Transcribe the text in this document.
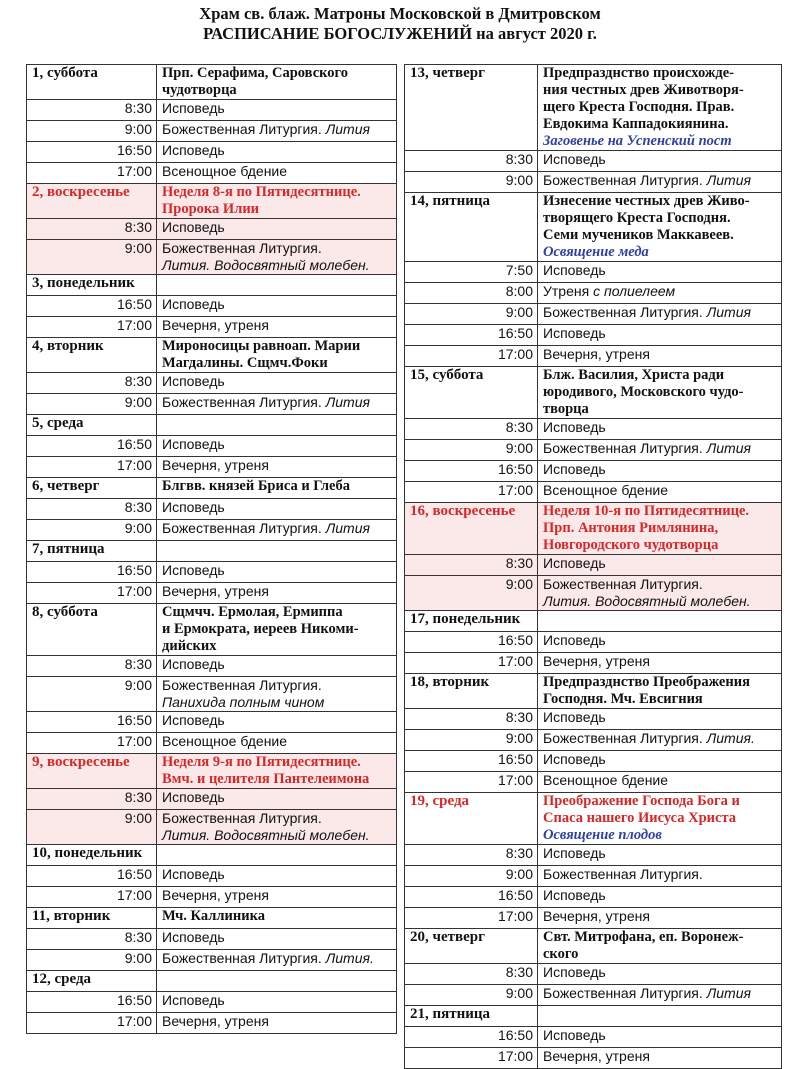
Храм св. блаж. Матроны Московской в Дмитровском
РАСПИСАНИЕ БОГОСЛУЖЕНИЙ на август 2020 г.
1, суббота	Прп. Серафима, Саровского
чудотворца

8:30	Исповедь
9:00	Божественная Литургия. Лития
16:50	Исповедь
17:00	Всенощное бдение
2, воскресенье	Неделя 8-я по Пятидесятнице.
Пророка Илии

8:30	Исповедь
9:00	Божественная Литургия.
Лития. Водосвятный молебен.

3, понедельник	
16:50	Исповедь
17:00	Вечерня, утреня
4, вторник	Мироносицы равноап. Марии
Магдалины. Сщмч.Фоки

8:30	Исповедь
9:00	Божественная Литургия. Лития
5, среда	
16:50	Исповедь
17:00	Вечерня, утреня
6, четверг	Блгвв. князей Бриса и Глеба

8:30	Исповедь
9:00	Божественная Литургия. Лития
7, пятница	
16:50	Исповедь
17:00	Вечерня, утреня
8, суббота	Сщмчч. Ермолая, Ермиппа
и Ермократа, иереев Никоми-
дийских

8:30	Исповедь
9:00	Божественная Литургия.
Панихида полным чином

16:50	Исповедь
17:00	Всенощное бдение
9, воскресенье	Неделя 9-я по Пятидесятнице.
Вмч. и целителя Пантелеимона

8:30	Исповедь
9:00	Божественная Литургия.
Лития. Водосвятный молебен.

10, понедельник	
16:50	Исповедь
17:00	Вечерня, утреня
11, вторник	Мч. Каллиника

8:30	Исповедь
9:00	Божественная Литургия. Лития.
12, среда	
16:50	Исповедь
17:00	Вечерня, утреня
13, четверг	Предпразднство происхожде-
ния честных древ Животворя-
щего Креста Господня. Прав.
Евдокима Каппадокиянина.
Заговенье на Успенский пост

8:30	Исповедь
9:00	Божественная Литургия. Лития
14, пятница	Изнесение честных древ Живо-
творящего Креста Господня.
Семи мучеников Маккавеев.
Освящение меда

7:50	Исповедь
8:00	Утреня с полиелеем
9:00	Божественная Литургия. Лития
16:50	Исповедь
17:00	Вечерня, утреня
15, суббота	Блж. Василия, Христа ради
юродивого, Московского чудо-
творца

8:30	Исповедь
9:00	Божественная Литургия. Лития
16:50	Исповедь
17:00	Всенощное бдение
16, воскресенье	Неделя 10-я по Пятидесятнице.
Прп. Антония Римлянина,
Новгородского чудотворца

8:30	Исповедь
9:00	Божественная Литургия.
Лития. Водосвятный молебен.

17, понедельник	
16:50	Исповедь
17:00	Вечерня, утреня
18, вторник	Предпразднство Преображения
Господня. Мч. Евсигния

8:30	Исповедь
9:00	Божественная Литургия. Лития.
16:50	Исповедь
17:00	Всенощное бдение
19, среда	Преображение Господа Бога и
Спаса нашего Иисуса Христа
Освящение плодов

8:30	Исповедь
9:00	Божественная Литургия.
16:50	Исповедь
17:00	Вечерня, утреня
20, четверг	Свт. Митрофана, еп. Воронеж-
ского

8:30	Исповедь
9:00	Божественная Литургия. Лития
21, пятница	
16:50	Исповедь
17:00	Вечерня, утреня
